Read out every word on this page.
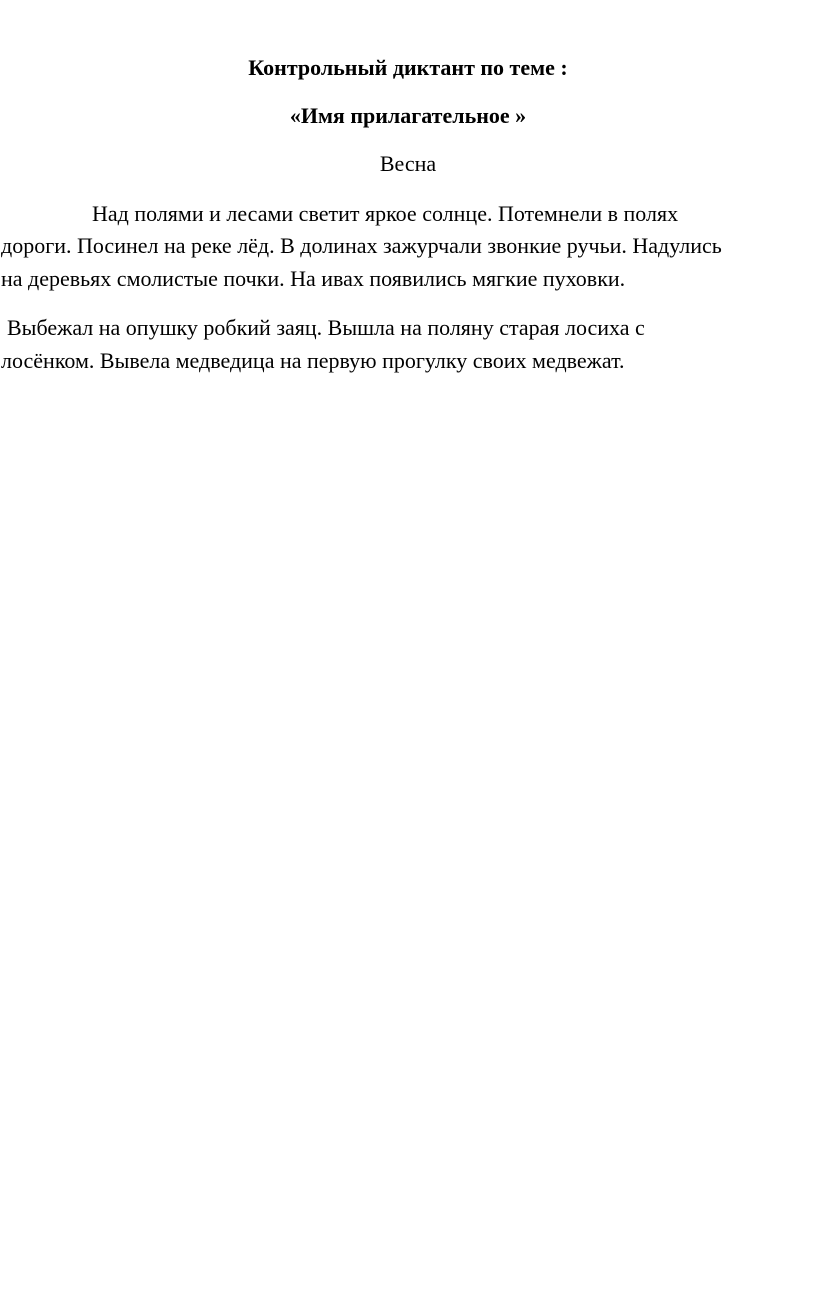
Контрольный диктант по теме :
«Имя прилагательное »
Весна
Над полями и лесами светит яркое солнце. Потемнели в полях
дороги. Посинел на реке лёд. В долинах зажурчали звонкие ручьи. Надулись
на деревьях смолистые почки. На ивах появились мягкие пуховки.
Выбежал на опушку робкий заяц. Вышла на поляну старая лосиха с
лосёнком. Вывела медведица на первую прогулку своих медвежат.
